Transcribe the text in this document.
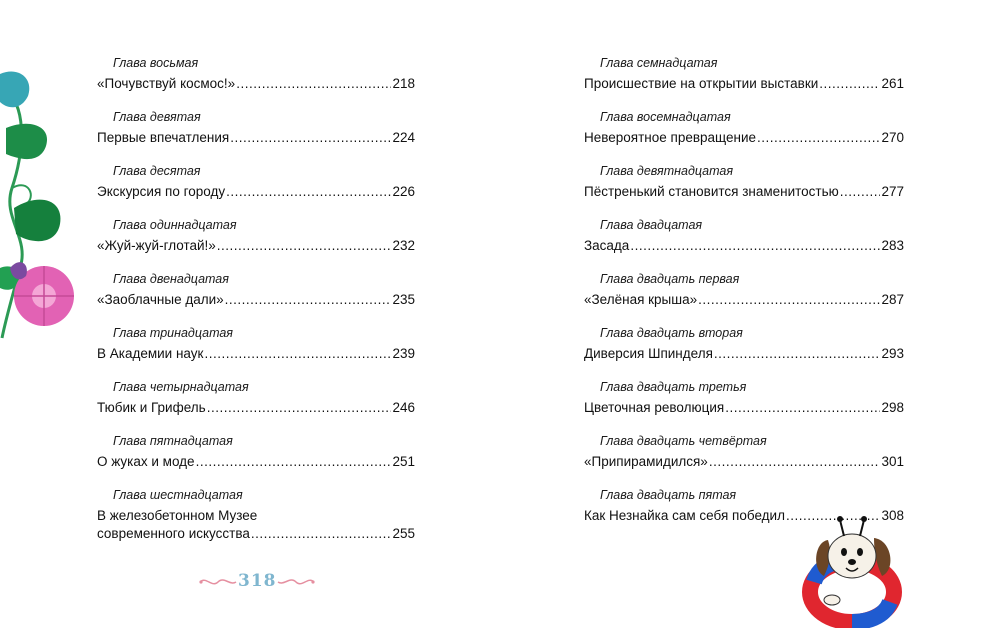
Глава восьмая
«Почувствуй космос!» .....	218
Глава девятая
Первые впечатления .....	224
Глава десятая
Экскурсия по городу .....	226
Глава одиннадцатая
«Жуй-жуй-глотай!» .....	232
Глава двенадцатая
«Заоблачные дали» .....	235
Глава тринадцатая
В Академии наук .....	239
Глава четырнадцатая
Тюбик и Грифель .....	246
Глава пятнадцатая
О жуках и моде .....	251
Глава шестнадцатая
В железобетонном Музее
современного искусства .....	255
Глава семнадцатая
Происшествие на открытии выставки .....	261
Глава восемнадцатая
Невероятное превращение .....	270
Глава девятнадцатая
Пёстренький становится знаменитостью .....	277
Глава двадцатая
Засада .....	283
Глава двадцать первая
«Зелёная крыша» .....	287
Глава двадцать вторая
Диверсия Шпинделя .....	293
Глава двадцать третья
Цветочная революция .....	298
Глава двадцать четвёртая
«Припирамидился» .....	301
Глава двадцать пятая
Как Незнайка сам себя победил .....	308
318
